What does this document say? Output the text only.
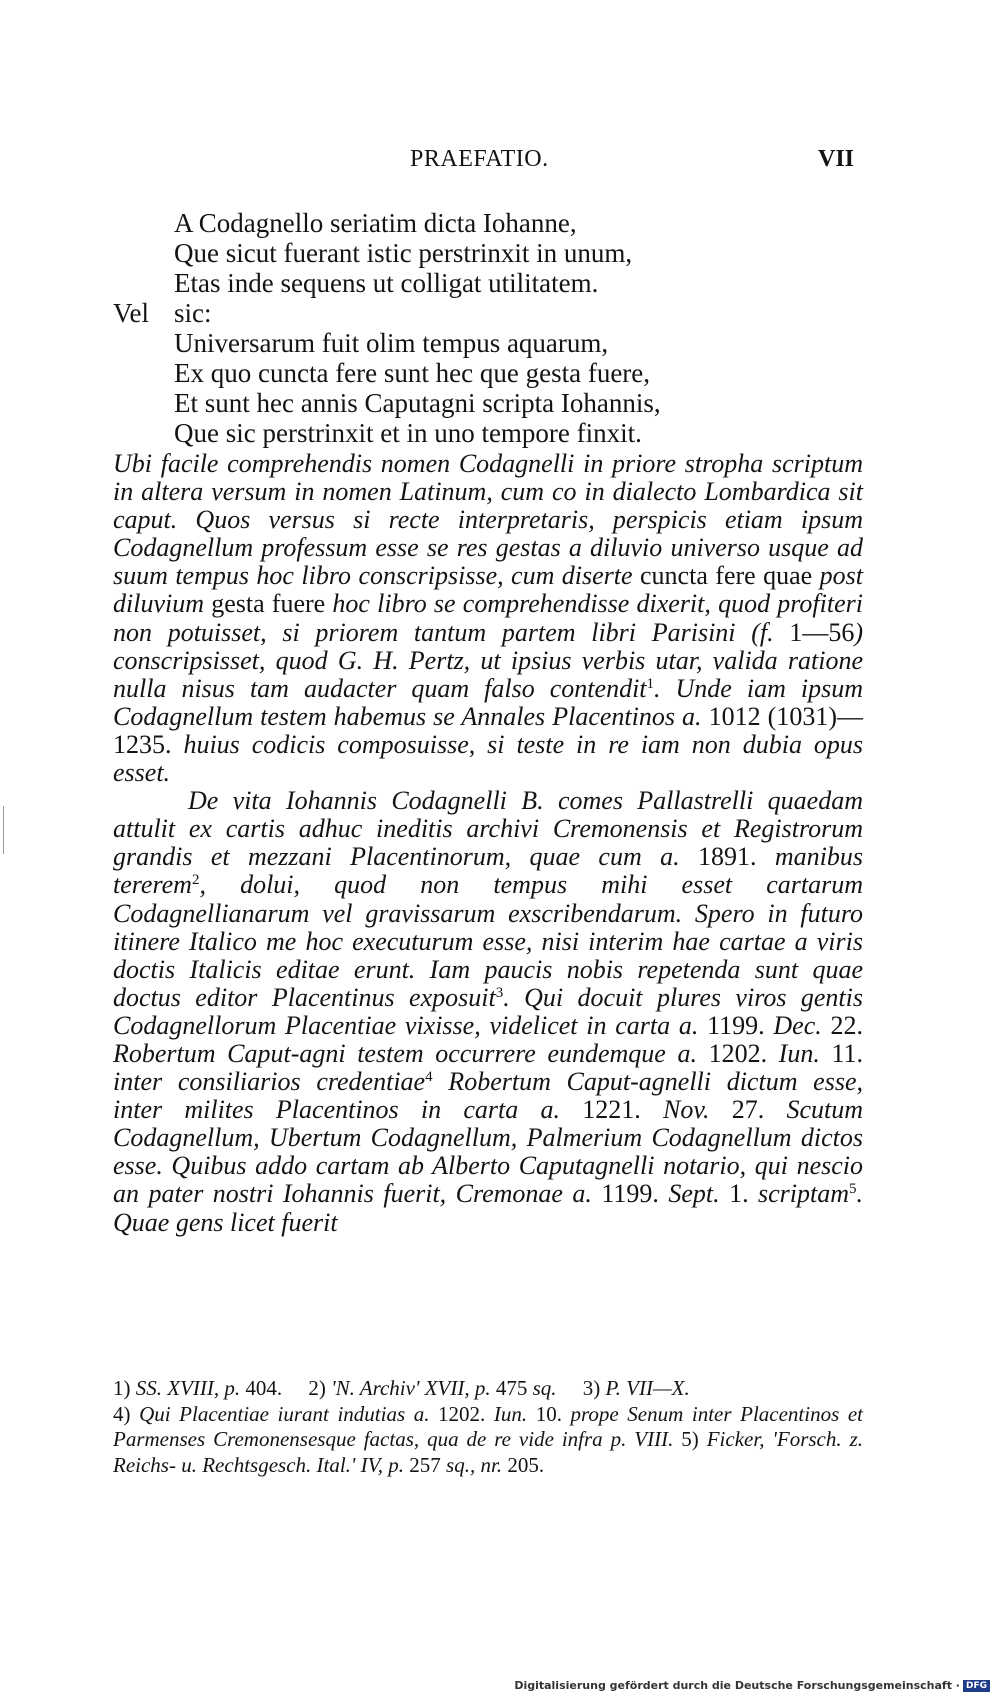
PRAEFATIO.	VII
A Codagnello seriatim dicta Iohanne,
Que sicut fuerant istic perstrinxit in unum,
Etas inde sequens ut colligat utilitatem.
Vel sic:
Universarum fuit olim tempus aquarum,
Ex quo cuncta fere sunt hec que gesta fuere,
Et sunt hec annis Caputagni scripta Iohannis,
Que sic perstrinxit et in uno tempore finxit.

Ubi facile comprehendis nomen Codagnelli in priore stropha scriptum in altera versum in nomen Latinum, cum co in dialecto Lombardica sit caput. Quos versus si recte interpretaris, perspicis etiam ipsum Codagnellum professum esse se res gestas a diluvio universo usque ad suum tempus hoc libro conscripsisse, cum diserte cuncta fere quae post diluvium gesta fuere hoc libro se comprehendisse dixerit, quod profiteri non potuisset, si priorem tantum partem libri Parisini (f. 1—56) conscripsisset, quod G. H. Pertz, ut ipsius verbis utar, valida ratione nulla nisus tam audacter quam falso contendit$^1$. Unde iam ipsum Codagnellum testem habemus se Annales Placentinos a. 1012 (1031)—1235. huius codicis composuisse, si teste in re iam non dubia opus esset.

De vita Iohannis Codagnelli B. comes Pallastrelli quaedam attulit ex cartis adhuc ineditis archivi Cremonensis et Registrorum grandis et mezzani Placentinorum, quae cum a. 1891. manibus tererem$^2$, dolui, quod non tempus mihi esset cartarum Codagnellianarum vel gravissarum exscribendarum. Spero in futuro itinere Italico me hoc executurum esse, nisi interim hae cartae a viris doctis Italicis editae erunt. Iam paucis nobis repetenda sunt quae doctus editor Placentinus exposuit$^3$. Qui docuit plures viros gentis Codagnellorum Placentiae vixisse, videlicet in carta a. 1199. Dec. 22. Robertum Caput-agni testem occurrere eundemque a. 1202. Iun. 11. inter consiliarios credentiae$^4$ Robertum Caput-agnelli dictum esse, inter milites Placentinos in carta a. 1221. Nov. 27. Scutum Codagnellum, Ubertum Codagnellum, Palmerium Codagnellum dictos esse. Quibus addo cartam ab Alberto Caputagnelli notario, qui nescio an pater nostri Iohannis fuerit, Cremonae a. 1199. Sept. 1. scriptam$^5$. Quae gens licet fuerit

1) SS. XVIII, p. 404. 2) 'N. Archiv' XVII, p. 475 sq. 3) P. VII—X.

4) Qui Placentiae iurant indutias a. 1202. Iun. 10. prope Senum inter Placentinos et Parmenses Cremonensesque factas, qua de re vide infra p. VIII. 5) Ficker, 'Forsch. z. Reichs- u. Rechtsgesch. Ital.' IV, p. 257 sq., nr. 205.

Digitalisierung gefördert durch die Deutsche Forschungsgemeinschaft · DFG
